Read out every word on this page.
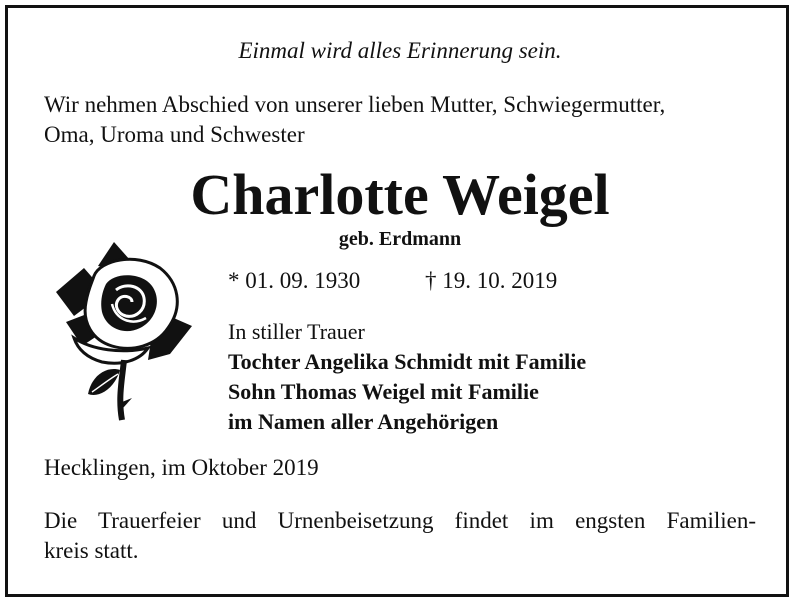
Einmal wird alles Erinnerung sein.
Wir nehmen Abschied von unserer lieben Mutter, Schwiegermutter,
Oma, Uroma und Schwester
Charlotte Weigel
geb. Erdmann
* 01. 09. 1930	† 19. 10. 2019
In stiller Trauer
Tochter Angelika Schmidt mit Familie
Sohn Thomas Weigel mit Familie
im Namen aller Angehörigen
Hecklingen, im Oktober 2019
Die Trauerfeier und Urnenbeisetzung findet im engsten Familien-
kreis statt.
